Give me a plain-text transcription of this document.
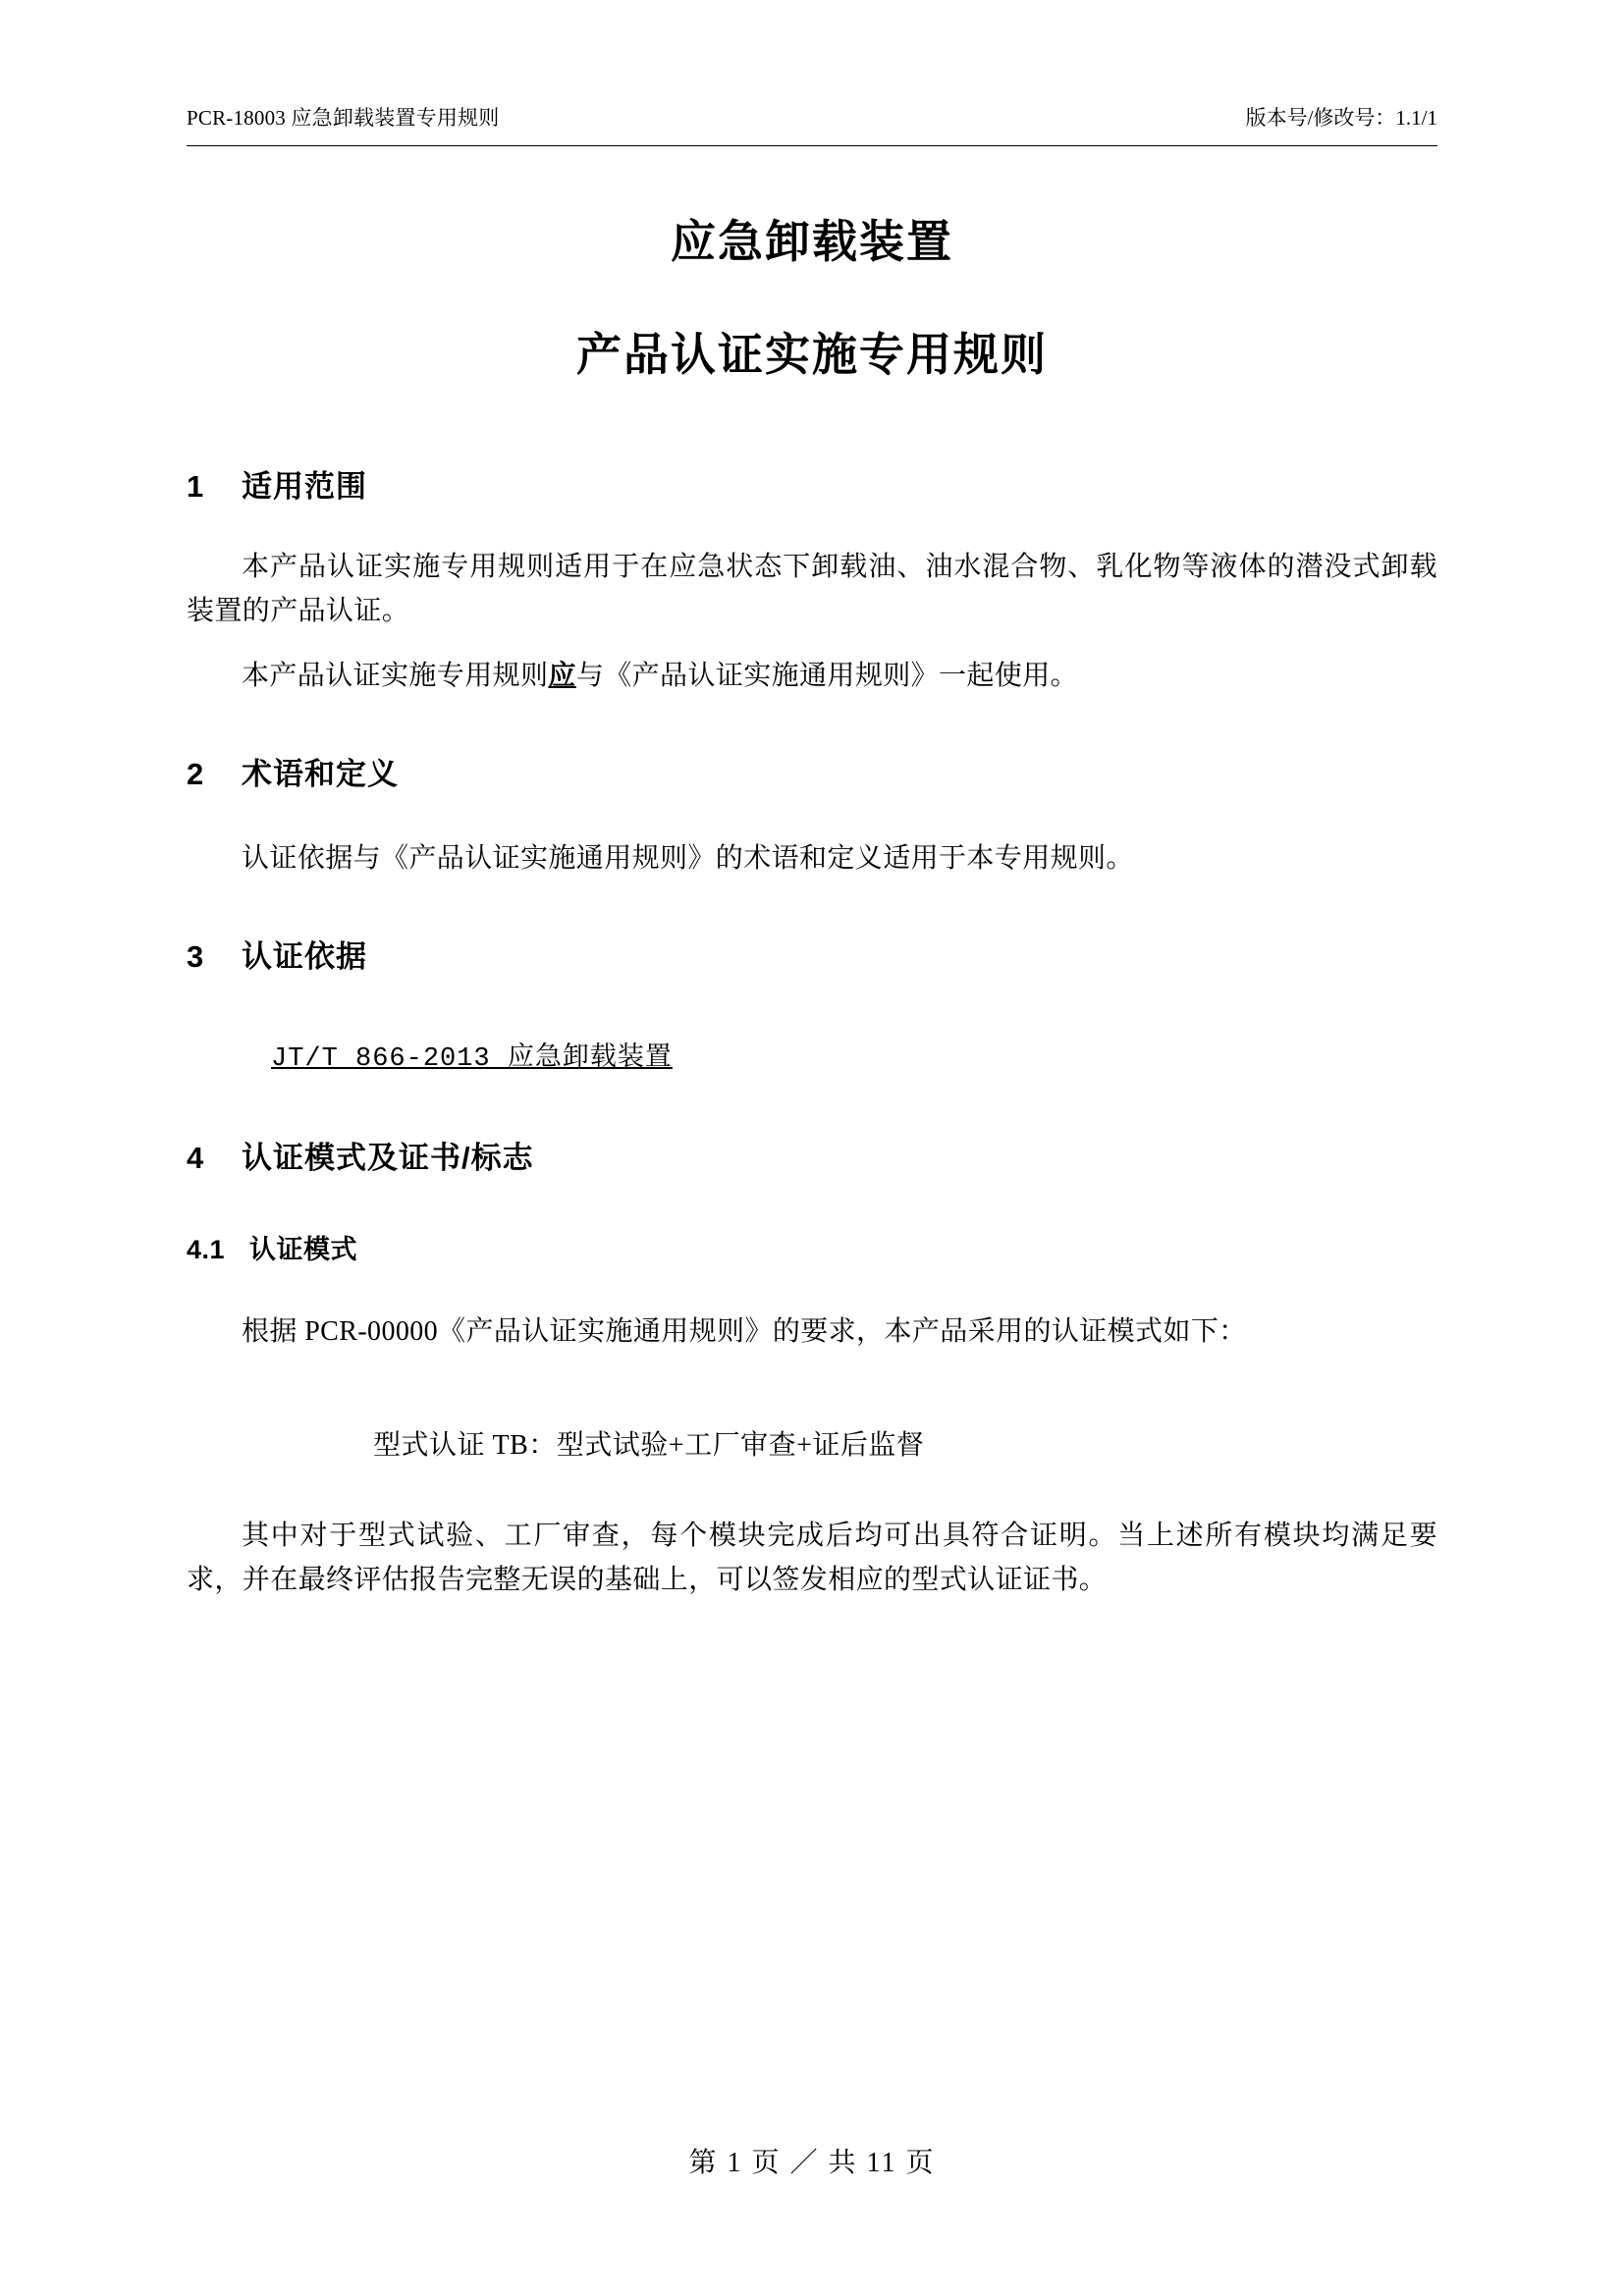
PCR-18003 应急卸载装置专用规则	版本号/修改号：1.1/1
应急卸载装置
产品认证实施专用规则
1 适用范围

本产品认证实施专用规则适用于在应急状态下卸载油、油水混合物、乳化物等液体的潜没式卸载装置的产品认证。

本产品认证实施专用规则应与《产品认证实施通用规则》一起使用。

2 术语和定义

认证依据与《产品认证实施通用规则》的术语和定义适用于本专用规则。

3 认证依据

JT/T 866-2013 应急卸载装置

4 认证模式及证书/标志
4.1 认证模式

根据 PCR-00000《产品认证实施通用规则》的要求，本产品采用的认证模式如下：

型式认证 TB：型式试验+工厂审查+证后监督

其中对于型式试验、工厂审查，每个模块完成后均可出具符合证明。当上述所有模块均满足要求，并在最终评估报告完整无误的基础上，可以签发相应的型式认证证书。

第 1 页 ／ 共 11 页
